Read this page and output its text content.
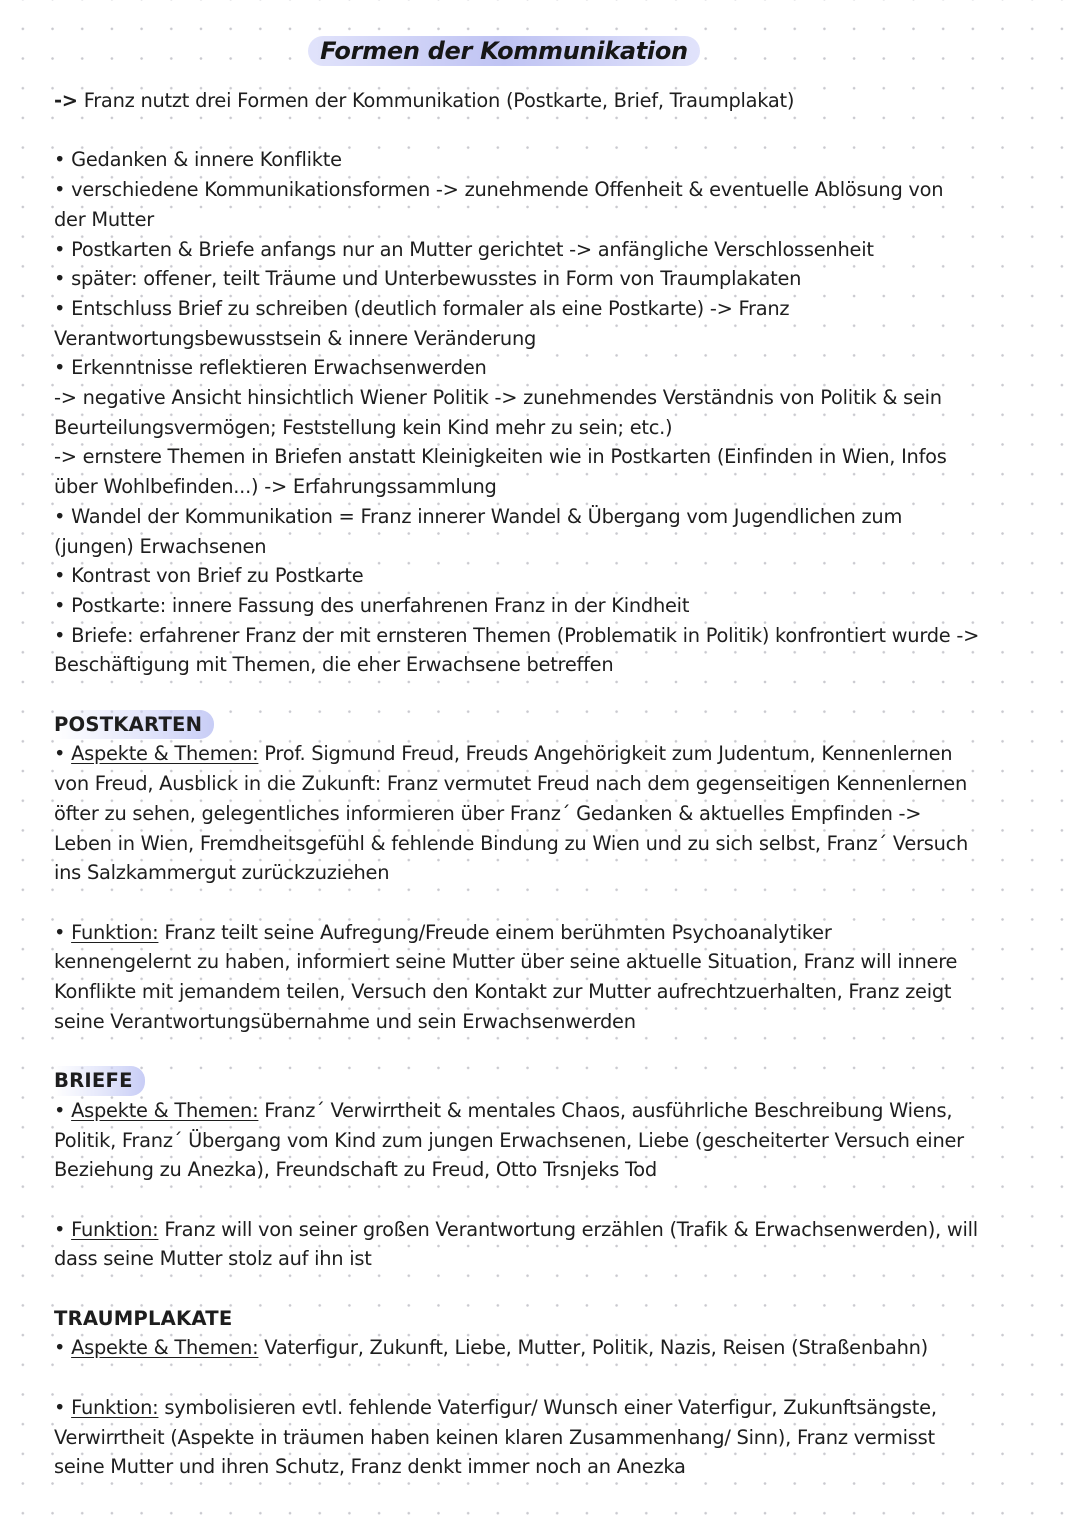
Formen der Kommunikation

-> Franz nutzt drei Formen der Kommunikation (Postkarte, Brief, Traumplakat)

• Gedanken & innere Konflikte

• verschiedene Kommunikationsformen -> zunehmende Offenheit & eventuelle Ablösung von

der Mutter

• Postkarten & Briefe anfangs nur an Mutter gerichtet -> anfängliche Verschlossenheit

• später: offener, teilt Träume und Unterbewusstes in Form von Traumplakaten

• Entschluss Brief zu schreiben (deutlich formaler als eine Postkarte) -> Franz

Verantwortungsbewusstsein & innere Veränderung

• Erkenntnisse reflektieren Erwachsenwerden

-> negative Ansicht hinsichtlich Wiener Politik -> zunehmendes Verständnis von Politik & sein

Beurteilungsvermögen; Feststellung kein Kind mehr zu sein; etc.)

-> ernstere Themen in Briefen anstatt Kleinigkeiten wie in Postkarten (Einfinden in Wien, Infos

über Wohlbefinden...) -> Erfahrungssammlung

• Wandel der Kommunikation = Franz innerer Wandel & Übergang vom Jugendlichen zum

(jungen) Erwachsenen

• Kontrast von Brief zu Postkarte

• Postkarte: innere Fassung des unerfahrenen Franz in der Kindheit

• Briefe: erfahrener Franz der mit ernsteren Themen (Problematik in Politik) konfrontiert wurde ->

Beschäftigung mit Themen, die eher Erwachsene betreffen

POSTKARTEN

• Aspekte & Themen: Prof. Sigmund Freud, Freuds Angehörigkeit zum Judentum, Kennenlernen

von Freud, Ausblick in die Zukunft: Franz vermutet Freud nach dem gegenseitigen Kennenlernen

öfter zu sehen, gelegentliches informieren über Franz´ Gedanken & aktuelles Empfinden ->

Leben in Wien, Fremdheitsgefühl & fehlende Bindung zu Wien und zu sich selbst, Franz´ Versuch

ins Salzkammergut zurückzuziehen

• Funktion: Franz teilt seine Aufregung/Freude einem berühmten Psychoanalytiker

kennengelernt zu haben, informiert seine Mutter über seine aktuelle Situation, Franz will innere

Konflikte mit jemandem teilen, Versuch den Kontakt zur Mutter aufrechtzuerhalten, Franz zeigt

seine Verantwortungsübernahme und sein Erwachsenwerden

BRIEFE

• Aspekte & Themen: Franz´ Verwirrtheit & mentales Chaos, ausführliche Beschreibung Wiens,

Politik, Franz´ Übergang vom Kind zum jungen Erwachsenen, Liebe (gescheiterter Versuch einer

Beziehung zu Anezka), Freundschaft zu Freud, Otto Trsnjeks Tod

• Funktion: Franz will von seiner großen Verantwortung erzählen (Trafik & Erwachsenwerden), will

dass seine Mutter stolz auf ihn ist

TRAUMPLAKATE

• Aspekte & Themen: Vaterfigur, Zukunft, Liebe, Mutter, Politik, Nazis, Reisen (Straßenbahn)

• Funktion: symbolisieren evtl. fehlende Vaterfigur/ Wunsch einer Vaterfigur, Zukunftsängste,

Verwirrtheit (Aspekte in träumen haben keinen klaren Zusammenhang/ Sinn), Franz vermisst

seine Mutter und ihren Schutz, Franz denkt immer noch an Anezka
